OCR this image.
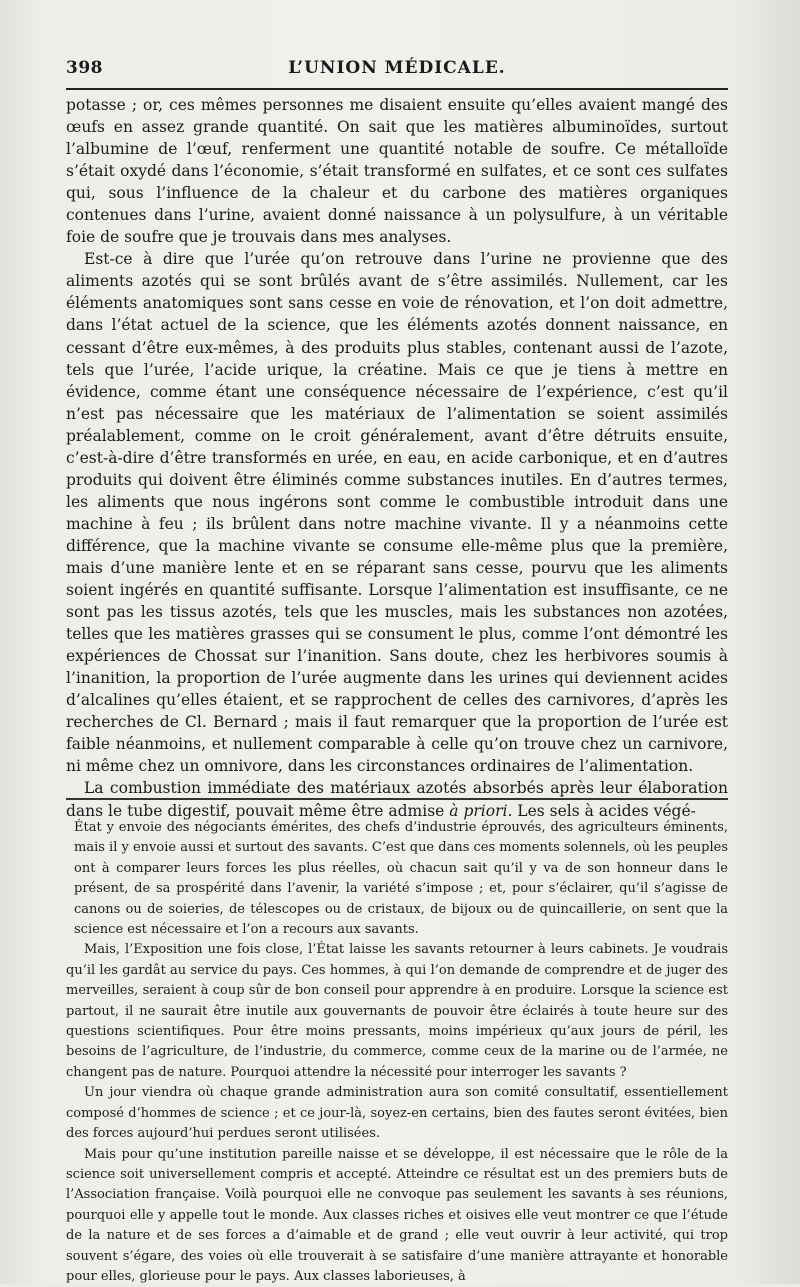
398	L’UNION MÉDICALE.

potasse ; or, ces mêmes personnes me disaient ensuite qu’elles avaient mangé des œufs en assez grande quantité. On sait que les matières albuminoïdes, surtout l’albumine de l’œuf, renferment une quantité notable de soufre. Ce métalloïde s’était oxydé dans l’économie, s’était transformé en sulfates, et ce sont ces sulfates qui, sous l’influence de la chaleur et du carbone des matières organiques contenues dans l’urine, avaient donné naissance à un polysulfure, à un véritable foie de soufre que je trouvais dans mes analyses.

Est-ce à dire que l’urée qu’on retrouve dans l’urine ne provienne que des aliments azotés qui se sont brûlés avant de s’être assimilés. Nullement, car les éléments anatomiques sont sans cesse en voie de rénovation, et l’on doit admettre, dans l’état actuel de la science, que les éléments azotés donnent naissance, en cessant d’être eux-mêmes, à des produits plus stables, contenant aussi de l’azote, tels que l’urée, l’acide urique, la créatine. Mais ce que je tiens à mettre en évidence, comme étant une conséquence nécessaire de l’expérience, c’est qu’il n’est pas nécessaire que les matériaux de l’alimentation se soient assimilés préalablement, comme on le croit généralement, avant d’être détruits ensuite, c’est-à-dire d’être transformés en urée, en eau, en acide carbonique, et en d’autres produits qui doivent être éliminés comme substances inutiles. En d’autres termes, les aliments que nous ingérons sont comme le combustible introduit dans une machine à feu ; ils brûlent dans notre machine vivante. Il y a néanmoins cette différence, que la machine vivante se consume elle-même plus que la première, mais d’une manière lente et en se réparant sans cesse, pourvu que les aliments soient ingérés en quantité suffisante. Lorsque l’alimentation est insuffisante, ce ne sont pas les tissus azotés, tels que les muscles, mais les substances non azotées, telles que les matières grasses qui se consument le plus, comme l’ont démontré les expériences de Chossat sur l’inanition. Sans doute, chez les herbivores soumis à l’inanition, la proportion de l’urée augmente dans les urines qui deviennent acides d’alcalines qu’elles étaient, et se rapprochent de celles des carnivores, d’après les recherches de Cl. Bernard ; mais il faut remarquer que la proportion de l’urée est faible néanmoins, et nullement comparable à celle qu’on trouve chez un carnivore, ni même chez un omnivore, dans les circonstances ordinaires de l’alimentation.

La combustion immédiate des matériaux azotés absorbés après leur élaboration dans le tube digestif, pouvait même être admise à priori. Les sels à acides végé-

État y envoie des négociants émérites, des chefs d’industrie éprouvés, des agriculteurs éminents, mais il y envoie aussi et surtout des savants. C’est que dans ces moments solennels, où les peuples ont à comparer leurs forces les plus réelles, où chacun sait qu’il y va de son honneur dans le présent, de sa prospérité dans l’avenir, la variété s’impose ; et, pour s’éclairer, qu’il s’agisse de canons ou de soieries, de télescopes ou de cristaux, de bijoux ou de quincaillerie, on sent que la science est nécessaire et l’on a recours aux savants.

Mais, l’Exposition une fois close, l’État laisse les savants retourner à leurs cabinets. Je voudrais qu’il les gardât au service du pays. Ces hommes, à qui l’on demande de comprendre et de juger des merveilles, seraient à coup sûr de bon conseil pour apprendre à en produire. Lorsque la science est partout, il ne saurait être inutile aux gouvernants de pouvoir être éclairés à toute heure sur des questions scientifiques. Pour être moins pressants, moins impérieux qu’aux jours de péril, les besoins de l’agriculture, de l’industrie, du commerce, comme ceux de la marine ou de l’armée, ne changent pas de nature. Pourquoi attendre la nécessité pour interroger les savants ?

Un jour viendra où chaque grande administration aura son comité consultatif, essentiellement composé d’hommes de science ; et ce jour-là, soyez-en certains, bien des fautes seront évitées, bien des forces aujourd’hui perdues seront utilisées.

Mais pour qu’une institution pareille naisse et se développe, il est nécessaire que le rôle de la science soit universellement compris et accepté. Atteindre ce résultat est un des premiers buts de l’Association française. Voilà pourquoi elle ne convoque pas seulement les savants à ses réunions, pourquoi elle y appelle tout le monde. Aux classes riches et oisives elle veut montrer ce que l’étude de la nature et de ses forces a d’aimable et de grand ; elle veut ouvrir à leur activité, qui trop souvent s’égare, des voies où elle trouverait à se satisfaire d’une manière attrayante et honorable pour elles, glorieuse pour le pays. Aux classes laborieuses, à
